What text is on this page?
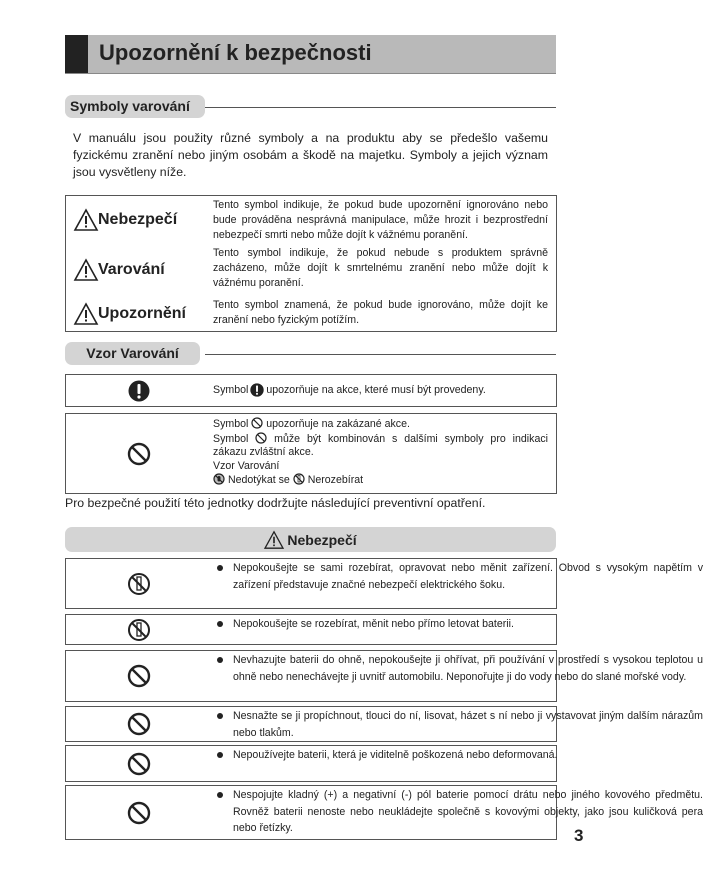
Upozornění k bezpečnosti
Symboly varování
V manuálu jsou použity různé symboly a na produktu aby se předešlo vašemu fyzickému zranění nebo jiným osobám a škodě na majetku. Symboly a jejich význam jsou vysvětleny níže.
Nebezpečí
Tento symbol indikuje, že pokud bude upozornění ignorováno nebo bude prováděna nesprávná manipulace, může hrozit i bezprostřední nebezpečí smrti nebo může dojít k vážnému poranění.
Varování
Tento symbol indikuje, že pokud nebude s produktem správně zacházeno, může dojít k smrtelnému zranění nebo může dojít k vážnému poranění.
Upozornění	Tento symbol znamená, že pokud bude ignorováno, může dojít ke zranění nebo fyzickým potížím.
Vzor Varování
Symbol upozorňuje na akce, které musí být provedeny.
Symbol upozorňuje na zakázané akce.
Symbol může být kombinován s dalšími symboly pro indikaci zákazu zvláštní akce.
Vzor Varování
Nedotýkat se Nerozebírat
Pro bezpečné použití této jednotky dodržujte následující preventivní opatření.
Nebezpečí
Nepokoušejte se sami rozebírat, opravovat nebo měnit zařízení. Obvod s vysokým napětím v zařízení představuje značné nebezpečí elektrického šoku.
Nepokoušejte se rozebírat, měnit nebo přímo letovat baterii.
Nevhazujte baterii do ohně, nepokoušejte ji ohřívat, při používání v prostředí s vysokou teplotou u ohně nebo nenechávejte ji uvnitř automobilu. Neponořujte ji do vody nebo do slané mořské vody.
Nesnažte se ji propíchnout, tlouci do ní, lisovat, házet s ní nebo ji vystavovat jiným dalším nárazům nebo tlakům.
Nepoužívejte baterii, která je viditelně poškozená nebo deformovaná.
Nespojujte kladný (+) a negativní (-) pól baterie pomocí drátu nebo jiného kovového předmětu. Rovněž baterii nenoste nebo neukládejte společně s kovovými objekty, jako jsou kuličková pera nebo řetízky.	3
